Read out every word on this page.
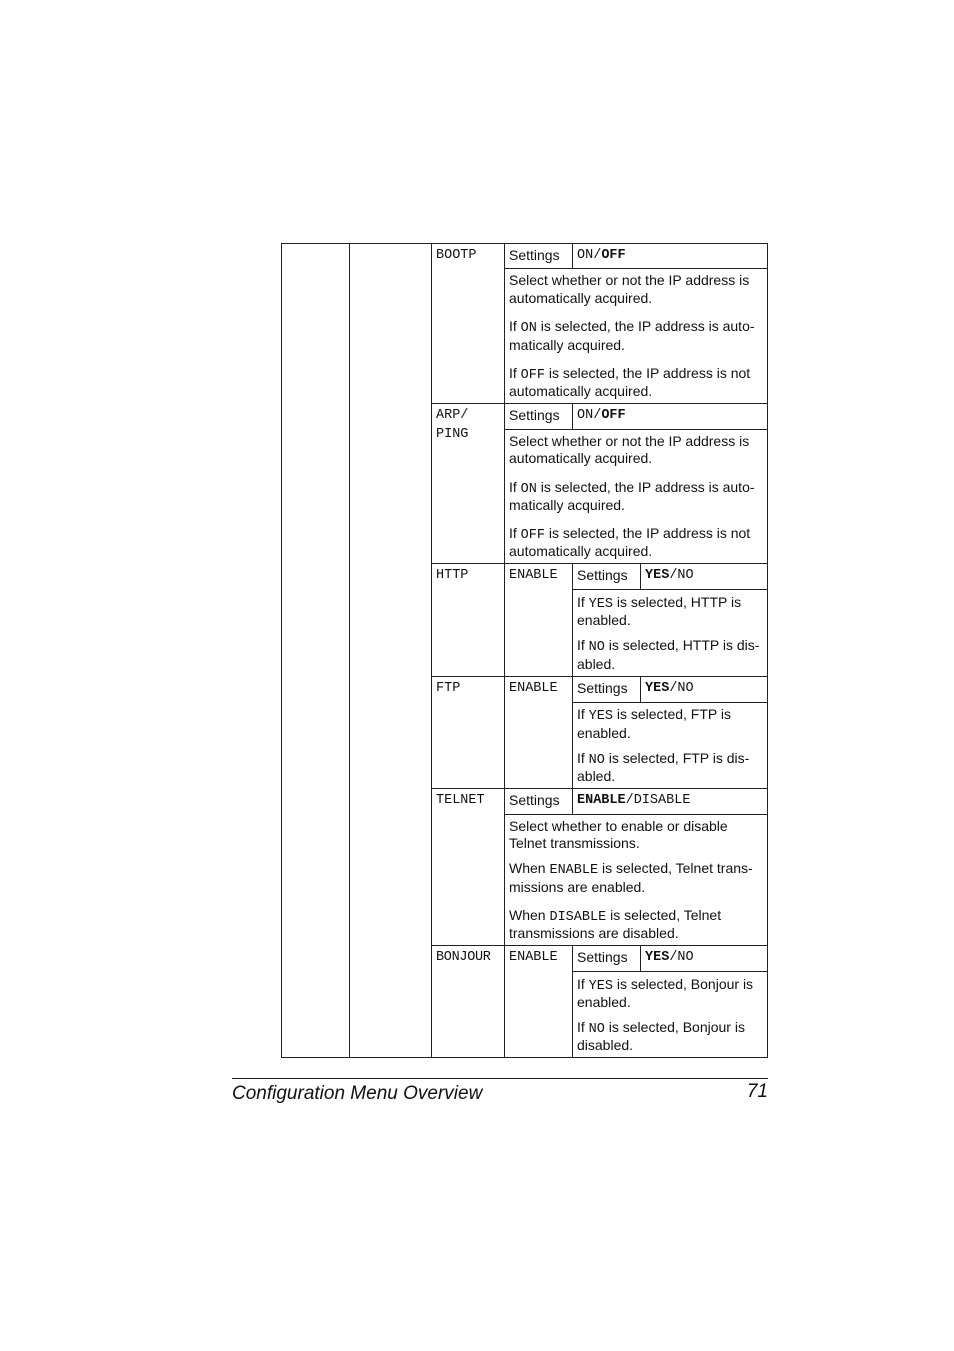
BOOTP Settings ON/OFF
Select whether or not the IP address is
automatically acquired.
If ON is selected, the IP address is auto-
matically acquired.
If OFF is selected, the IP address is not
automatically acquired.
ARP/
PING
Settings ON/OFF
Select whether or not the IP address is
automatically acquired.
If ON is selected, the IP address is auto-
matically acquired.
If OFF is selected, the IP address is not
automatically acquired.
HTTP	ENABLE Settings YES/NO
If YES is selected, HTTP is
enabled.
If NO is selected, HTTP is dis-
abled.
FTP	ENABLE Settings YES/NO
If YES is selected, FTP is
enabled.
If NO is selected, FTP is dis-
abled.
TELNET Settings ENABLE/DISABLE
Select whether to enable or disable
Telnet transmissions.
When ENABLE is selected, Telnet trans-
missions are enabled.
When DISABLE is selected, Telnet
transmissions are disabled.
BONJOUR ENABLE Settings YES/NO
If YES is selected, Bonjour is
enabled.
If NO is selected, Bonjour is
disabled.
Configuration Menu Overview	71
